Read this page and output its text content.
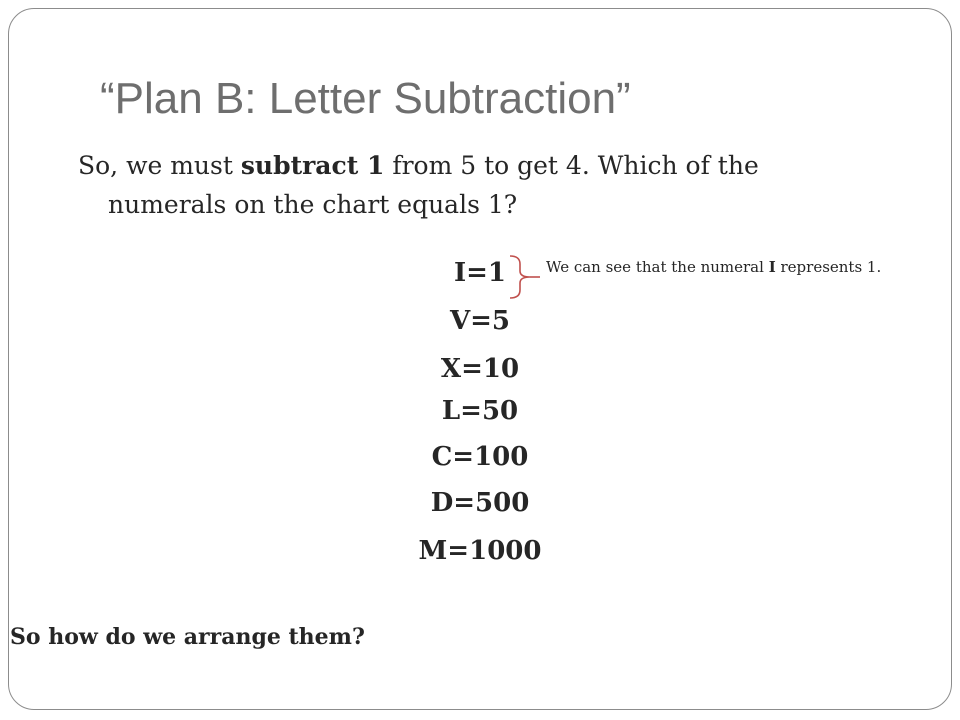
“Plan B: Letter Subtraction”
So, we must subtract 1 from 5 to get 4. Which of the
numerals on the chart equals 1?
I=1
V=5
X=10
L=50
C=100
D=500
M=1000
We can see that the numeral I represents 1.
So how do we arrange them?
